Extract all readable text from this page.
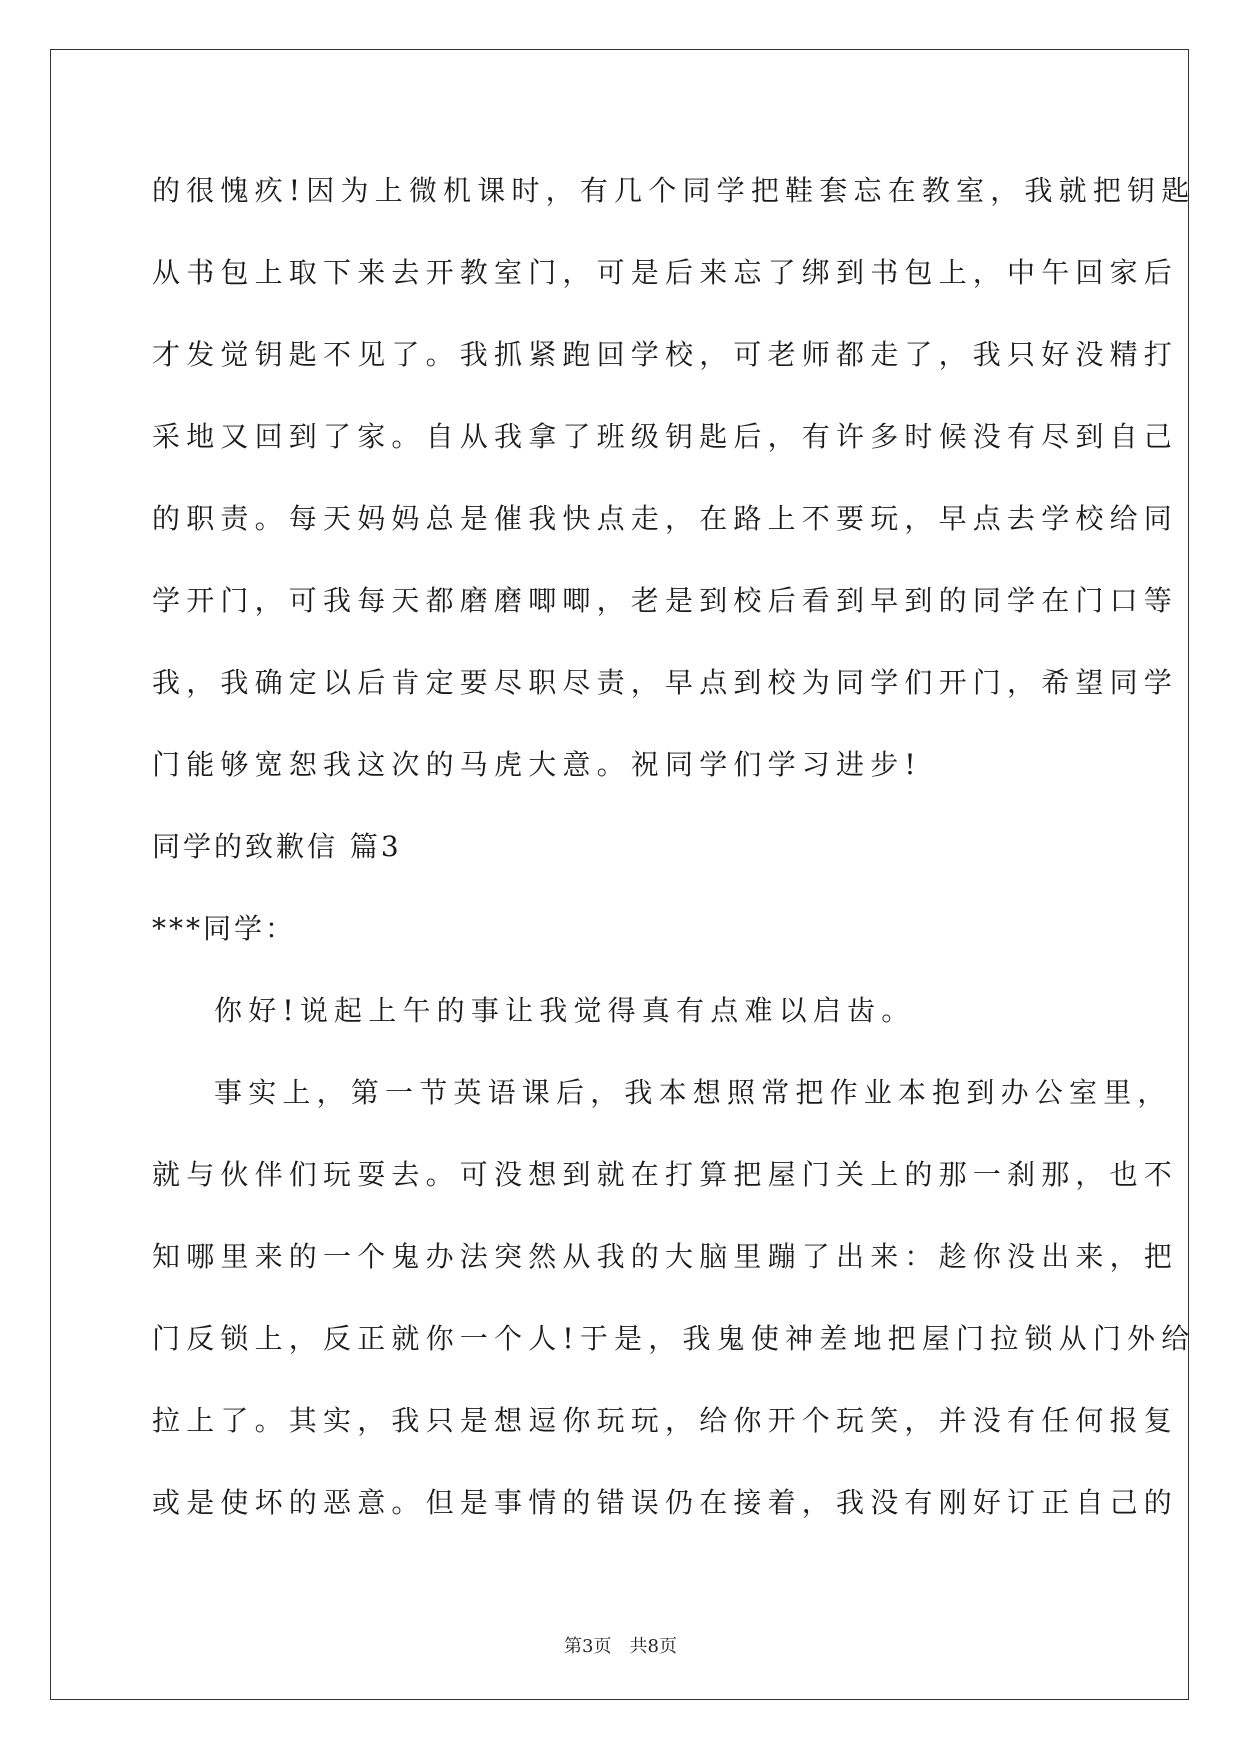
的很愧疚!因为上微机课时，有几个同学把鞋套忘在教室，我就把钥匙
从书包上取下来去开教室门，可是后来忘了绑到书包上，中午回家后
才发觉钥匙不见了。我抓紧跑回学校，可老师都走了，我只好没精打
采地又回到了家。自从我拿了班级钥匙后，有许多时候没有尽到自己
的职责。每天妈妈总是催我快点走，在路上不要玩，早点去学校给同
学开门，可我每天都磨磨唧唧，老是到校后看到早到的同学在门口等
我，我确定以后肯定要尽职尽责，早点到校为同学们开门，希望同学
门能够宽恕我这次的马虎大意。祝同学们学习进步!
同学的致歉信 篇3
***同学：
你好!说起上午的事让我觉得真有点难以启齿。
事实上，第一节英语课后，我本想照常把作业本抱到办公室里，
就与伙伴们玩耍去。可没想到就在打算把屋门关上的那一刹那，也不
知哪里来的一个鬼办法突然从我的大脑里蹦了出来：趁你没出来，把
门反锁上，反正就你一个人!于是，我鬼使神差地把屋门拉锁从门外给
拉上了。其实，我只是想逗你玩玩，给你开个玩笑，并没有任何报复
或是使坏的恶意。但是事情的错误仍在接着，我没有刚好订正自己的
第3页 共8页
